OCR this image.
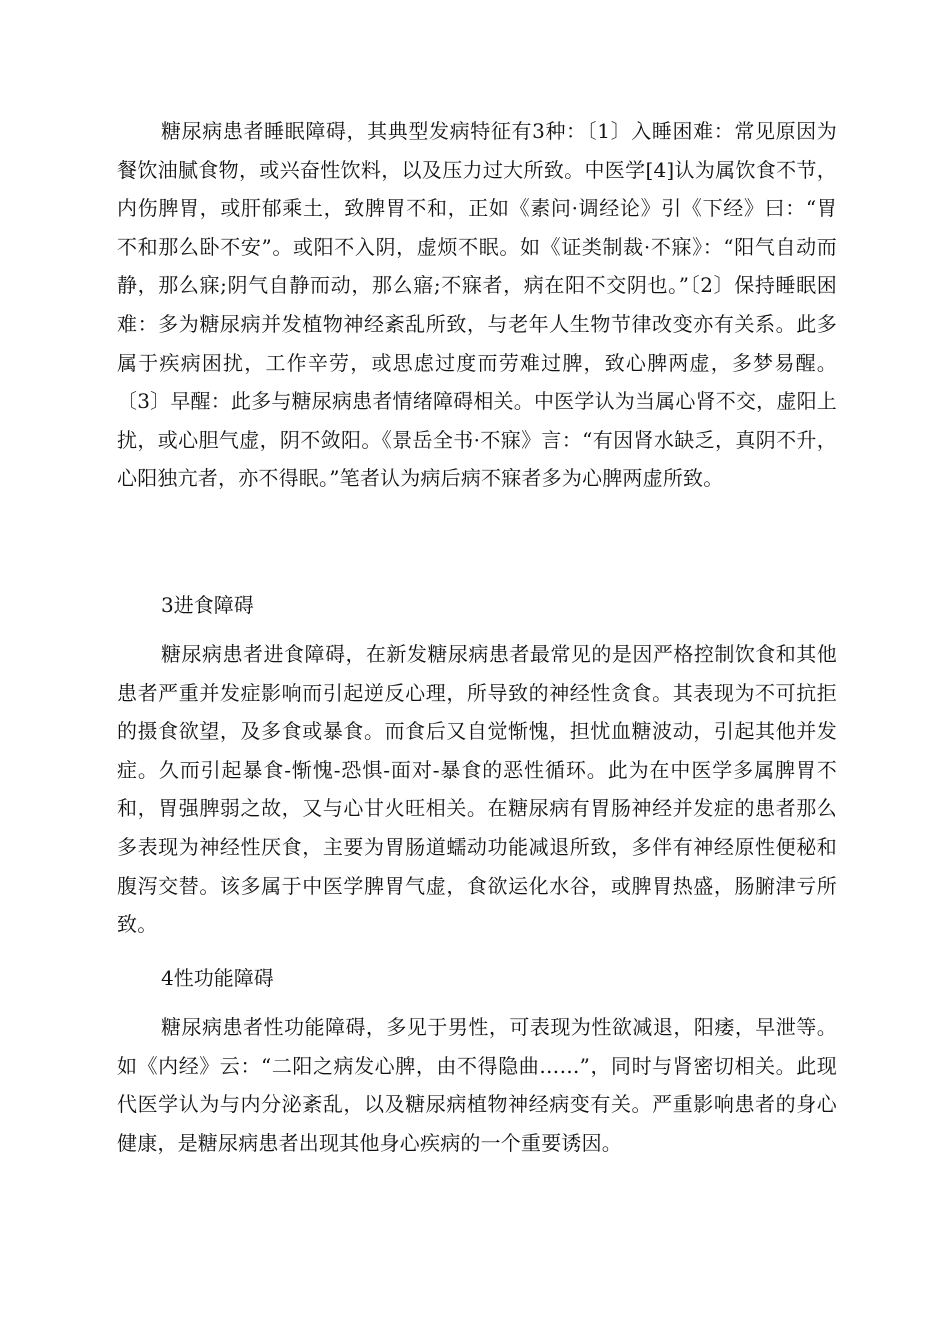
糖尿病患者睡眠障碍，其典型发病特征有3种：〔1〕入睡困难：常见原因为餐饮油腻食物，或兴奋性饮料，以及压力过大所致。中医学[4]认为属饮食不节，内伤脾胃，或肝郁乘土，致脾胃不和，正如《素问·调经论》引《下经》曰：“胃不和那么卧不安”。或阳不入阴，虚烦不眠。如《证类制裁·不寐》：“阳气自动而静，那么寐;阴气自静而动，那么寤;不寐者，病在阳不交阴也。”〔2〕保持睡眠困难：多为糖尿病并发植物神经紊乱所致，与老年人生物节律改变亦有关系。此多属于疾病困扰，工作辛劳，或思虑过度而劳难过脾，致心脾两虚，多梦易醒。〔3〕早醒：此多与糖尿病患者情绪障碍相关。中医学认为当属心肾不交，虚阳上扰，或心胆气虚，阴不敛阳。《景岳全书·不寐》言：“有因肾水缺乏，真阴不升，心阳独亢者，亦不得眠。”笔者认为病后病不寐者多为心脾两虚所致。

3进食障碍

糖尿病患者进食障碍，在新发糖尿病患者最常见的是因严格控制饮食和其他患者严重并发症影响而引起逆反心理，所导致的神经性贪食。其表现为不可抗拒的摄食欲望，及多食或暴食。而食后又自觉惭愧，担忧血糖波动，引起其他并发症。久而引起暴食-惭愧-恐惧-面对-暴食的恶性循环。此为在中医学多属脾胃不和，胃强脾弱之故，又与心甘火旺相关。在糖尿病有胃肠神经并发症的患者那么多表现为神经性厌食，主要为胃肠道蠕动功能减退所致，多伴有神经原性便秘和腹泻交替。该多属于中医学脾胃气虚，食欲运化水谷，或脾胃热盛，肠腑津亏所致。

4性功能障碍

糖尿病患者性功能障碍，多见于男性，可表现为性欲减退，阳痿，早泄等。如《内经》云：“二阳之病发心脾，由不得隐曲……”，同时与肾密切相关。此现代医学认为与内分泌紊乱，以及糖尿病植物神经病变有关。严重影响患者的身心健康，是糖尿病患者出现其他身心疾病的一个重要诱因。
